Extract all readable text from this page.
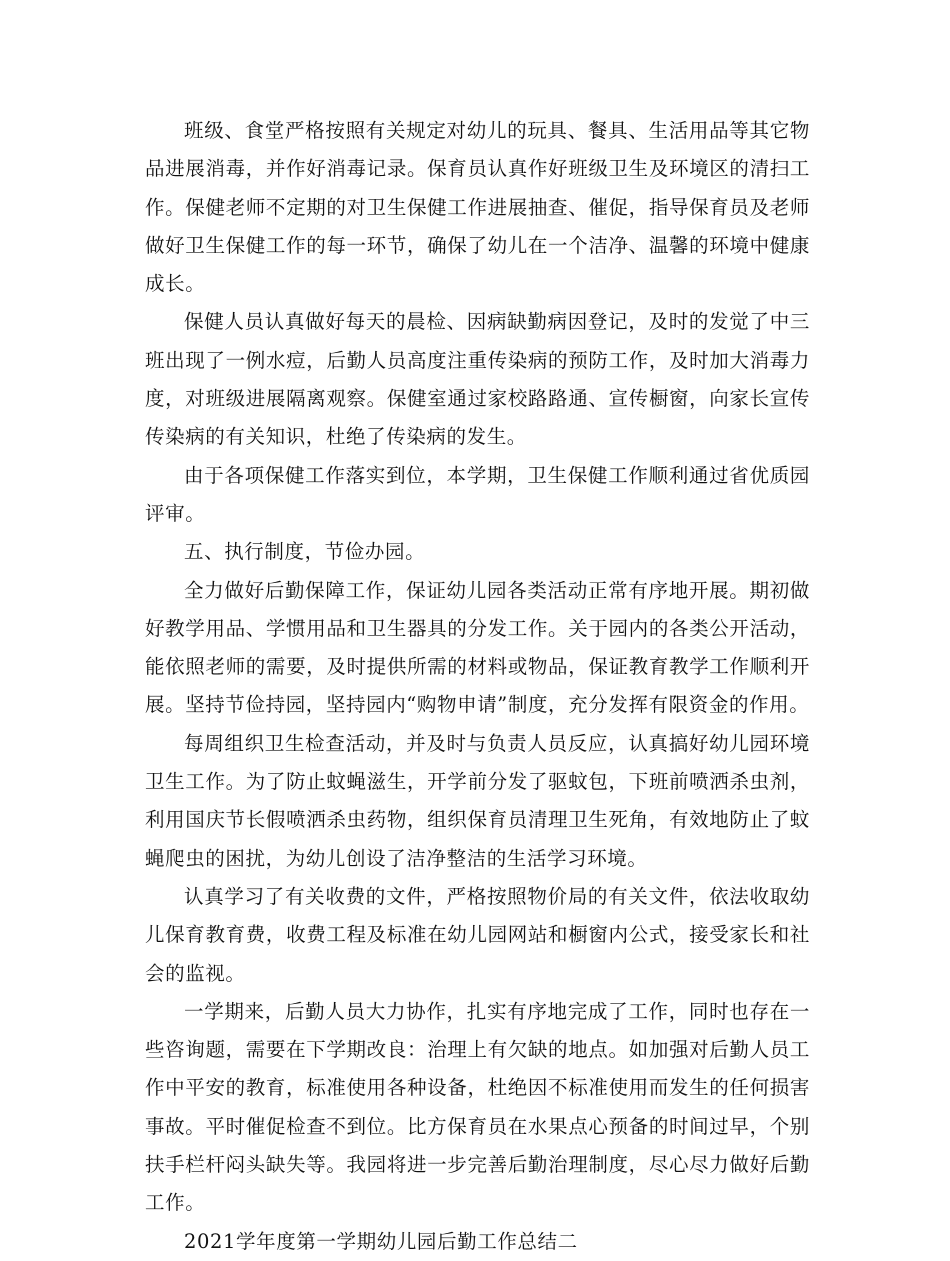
班级、食堂严格按照有关规定对幼儿的玩具、餐具、生活用品等其它物品进展消毒，并作好消毒记录。保育员认真作好班级卫生及环境区的清扫工作。保健老师不定期的对卫生保健工作进展抽查、催促，指导保育员及老师做好卫生保健工作的每一环节，确保了幼儿在一个洁净、温馨的环境中健康成长。

保健人员认真做好每天的晨检、因病缺勤病因登记，及时的发觉了中三班出现了一例水痘，后勤人员高度注重传染病的预防工作，及时加大消毒力度，对班级进展隔离观察。保健室通过家校路路通、宣传橱窗，向家长宣传传染病的有关知识，杜绝了传染病的发生。

由于各项保健工作落实到位，本学期，卫生保健工作顺利通过省优质园评审。

五、执行制度，节俭办园。

全力做好后勤保障工作，保证幼儿园各类活动正常有序地开展。期初做好教学用品、学惯用品和卫生器具的分发工作。关于园内的各类公开活动，能依照老师的需要，及时提供所需的材料或物品，保证教育教学工作顺利开展。坚持节俭持园，坚持园内“购物申请”制度，充分发挥有限资金的作用。

每周组织卫生检查活动，并及时与负责人员反应，认真搞好幼儿园环境卫生工作。为了防止蚊蝇滋生，开学前分发了驱蚊包，下班前喷洒杀虫剂，利用国庆节长假喷洒杀虫药物，组织保育员清理卫生死角，有效地防止了蚊蝇爬虫的困扰，为幼儿创设了洁净整洁的生活学习环境。

认真学习了有关收费的文件，严格按照物价局的有关文件，依法收取幼儿保育教育费，收费工程及标准在幼儿园网站和橱窗内公式，接受家长和社会的监视。

一学期来，后勤人员大力协作，扎实有序地完成了工作，同时也存在一些咨询题，需要在下学期改良：治理上有欠缺的地点。如加强对后勤人员工作中平安的教育，标准使用各种设备，杜绝因不标准使用而发生的任何损害事故。平时催促检查不到位。比方保育员在水果点心预备的时间过早，个别扶手栏杆闷头缺失等。我园将进一步完善后勤治理制度，尽心尽力做好后勤工作。

2021学年度第一学期幼儿园后勤工作总结二
